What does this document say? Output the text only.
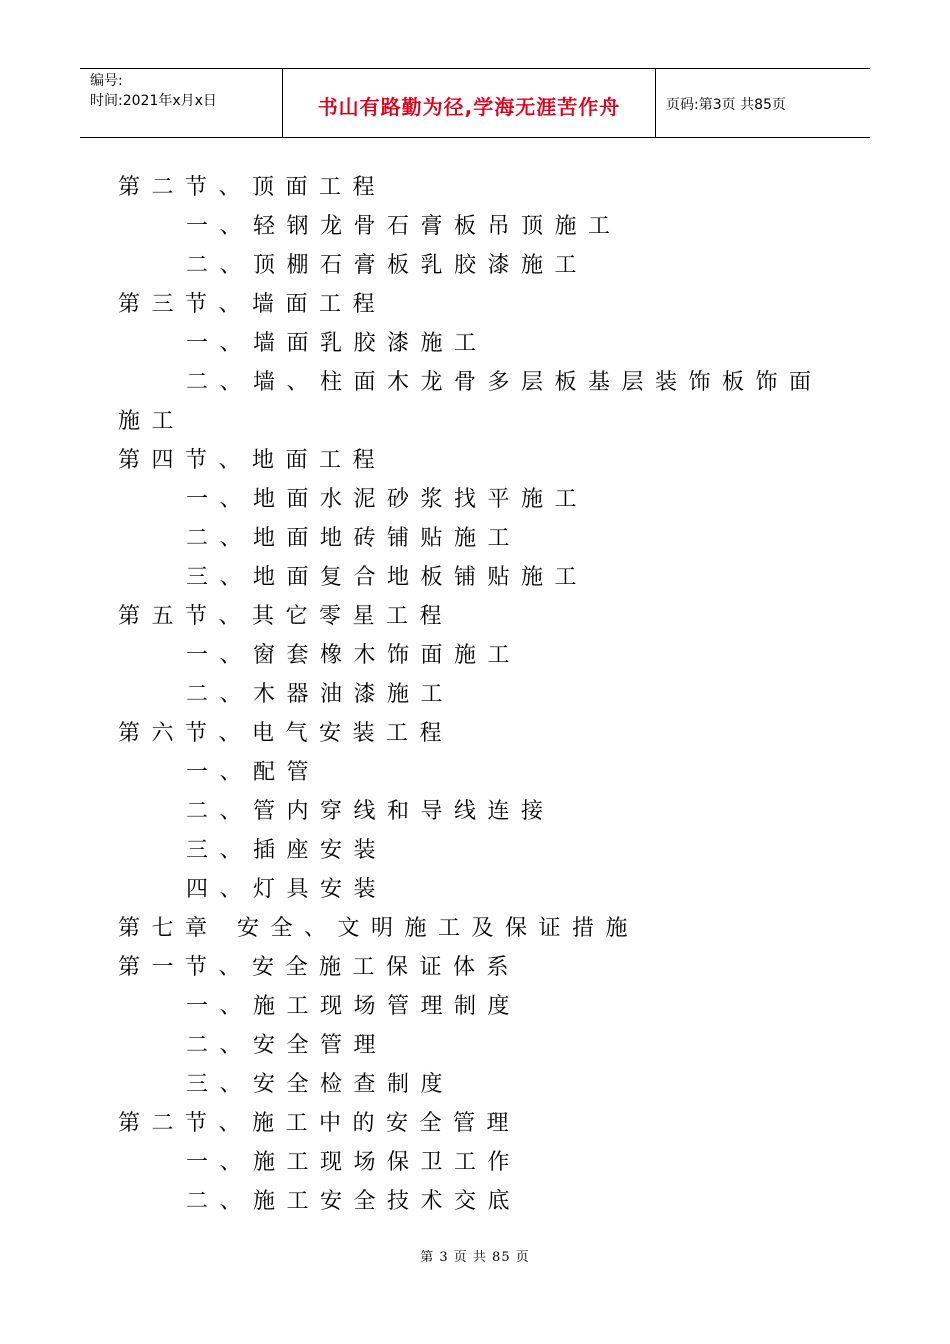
编号:
时间:2021年x月x日	书山有路勤为径,学海无涯苦作舟	页码:第3页 共85页
第二节、顶面工程
一、轻钢龙骨石膏板吊顶施工
二、顶棚石膏板乳胶漆施工
第三节、墙面工程
一、墙面乳胶漆施工
二、墙、柱面木龙骨多层板基层装饰板饰面
施工
第四节、地面工程
一、地面水泥砂浆找平施工
二、地面地砖铺贴施工
三、地面复合地板铺贴施工
第五节、其它零星工程
一、窗套橡木饰面施工
二、木器油漆施工
第六节、电气安装工程
一、配管
二、管内穿线和导线连接
三、插座安装
四、灯具安装
第七章 安全、文明施工及保证措施
第一节、安全施工保证体系
一、施工现场管理制度
二、安全管理
三、安全检查制度
第二节、施工中的安全管理
一、施工现场保卫工作
二、施工安全技术交底
第 3 页 共 85 页
